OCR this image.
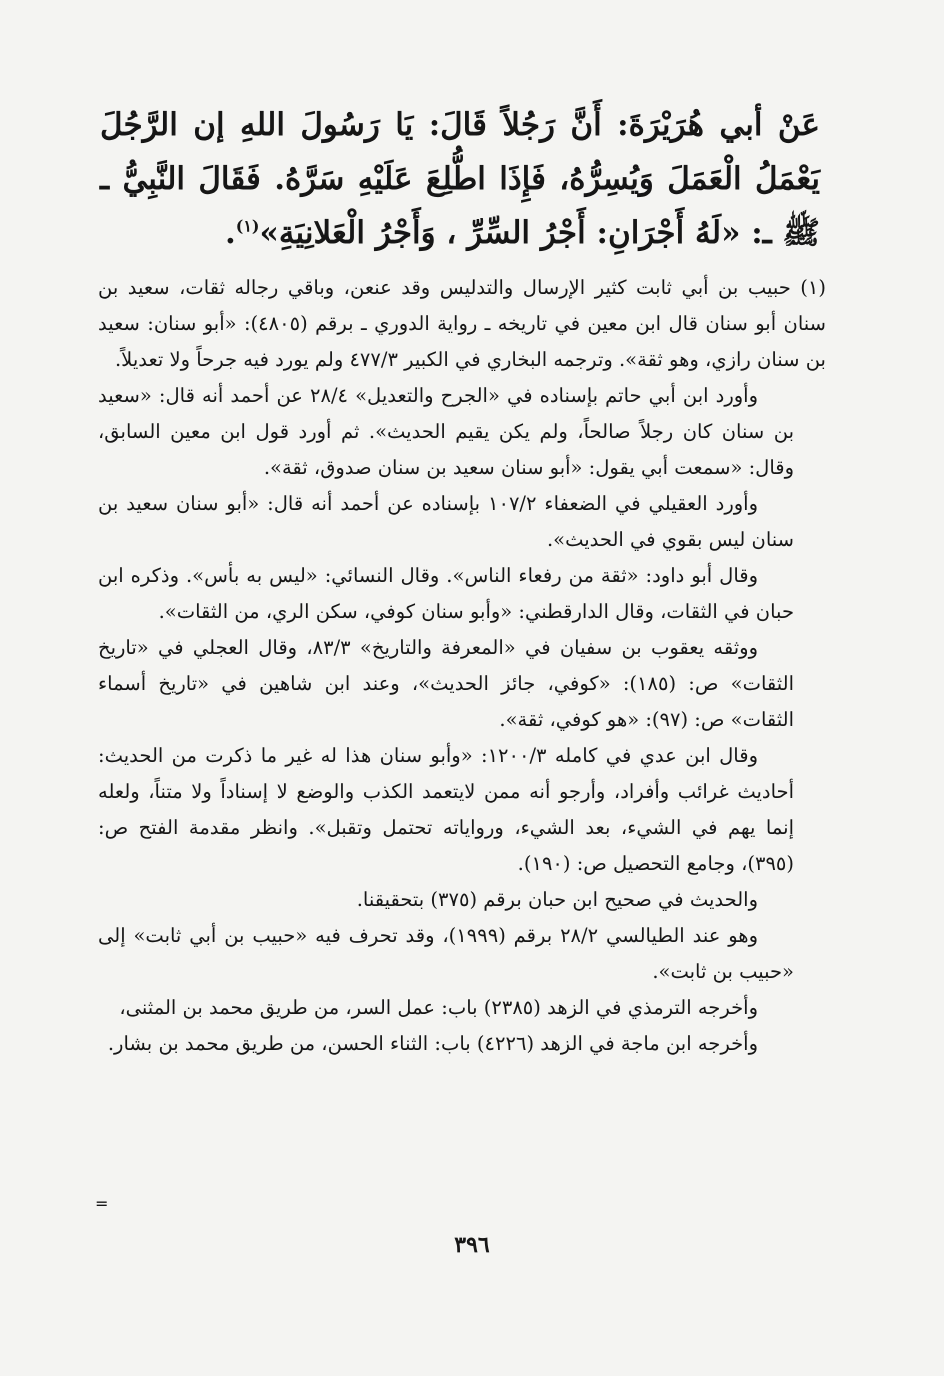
عَنْ أبي هُرَيْرَةَ: أَنَّ رَجُلاً قَالَ: يَا رَسُولَ اللهِ إن الرَّجُلَ يَعْمَلُ الْعَمَلَ وَيُسِرُّهُ، فَإِذَا اطُّلِعَ عَلَيْهِ سَرَّهُ. فَقَالَ النَّبِيُّ ـ ﷺ ـ: «لَهُ أَجْرَانِ: أَجْرُ السِّرِّ ، وَأَجْرُ الْعَلانِيَةِ»$^{(١)}$.

(١) حبيب بن أبي ثابت كثير الإرسال والتدليس وقد عنعن، وباقي رجاله ثقات، سعيد بن سنان أبو سنان قال ابن معين في تاريخه ـ رواية الدوري ـ برقم (٤٨٠٥): «أبو سنان: سعيد بن سنان رازي، وهو ثقة». وترجمه البخاري في الكبير ٤٧٧/٣ ولم يورد فيه جرحاً ولا تعديلاً.

وأورد ابن أبي حاتم بإسناده في «الجرح والتعديل» ٢٨/٤ عن أحمد أنه قال: «سعيد بن سنان كان رجلاً صالحاً، ولم يكن يقيم الحديث». ثم أورد قول ابن معين السابق، وقال: «سمعت أبي يقول: «أبو سنان سعيد بن سنان صدوق، ثقة».

وأورد العقيلي في الضعفاء ١٠٧/٢ بإسناده عن أحمد أنه قال: «أبو سنان سعيد بن سنان ليس بقوي في الحديث».

وقال أبو داود: «ثقة من رفعاء الناس». وقال النسائي: «ليس به بأس». وذكره ابن حبان في الثقات، وقال الدارقطني: «وأبو سنان كوفي، سكن الري، من الثقات».

ووثقه يعقوب بن سفيان في «المعرفة والتاريخ» ٨٣/٣، وقال العجلي في «تاريخ الثقات» ص: (١٨٥): «كوفي، جائز الحديث»، وعند ابن شاهين في «تاريخ أسماء الثقات» ص: (٩٧): «هو كوفي، ثقة».

وقال ابن عدي في كامله ١٢٠٠/٣: «وأبو سنان هذا له غير ما ذكرت من الحديث: أحاديث غرائب وأفراد، وأرجو أنه ممن لايتعمد الكذب والوضع لا إسناداً ولا متناً، ولعله إنما يهم في الشيء، بعد الشيء، ورواياته تحتمل وتقبل». وانظر مقدمة الفتح ص: (٣٩٥)، وجامع التحصيل ص: (١٩٠).

والحديث في صحيح ابن حبان برقم (٣٧٥) بتحقيقنا.

وهو عند الطيالسي ٢٨/٢ برقم (١٩٩٩)، وقد تحرف فيه «حبيب بن أبي ثابت» إلى «حبيب بن ثابت».

وأخرجه الترمذي في الزهد (٢٣٨٥) باب: عمل السر، من طريق محمد بن المثنى،

وأخرجه ابن ماجة في الزهد (٤٢٢٦) باب: الثناء الحسن، من طريق محمد بن بشار.

=
٣٩٦
